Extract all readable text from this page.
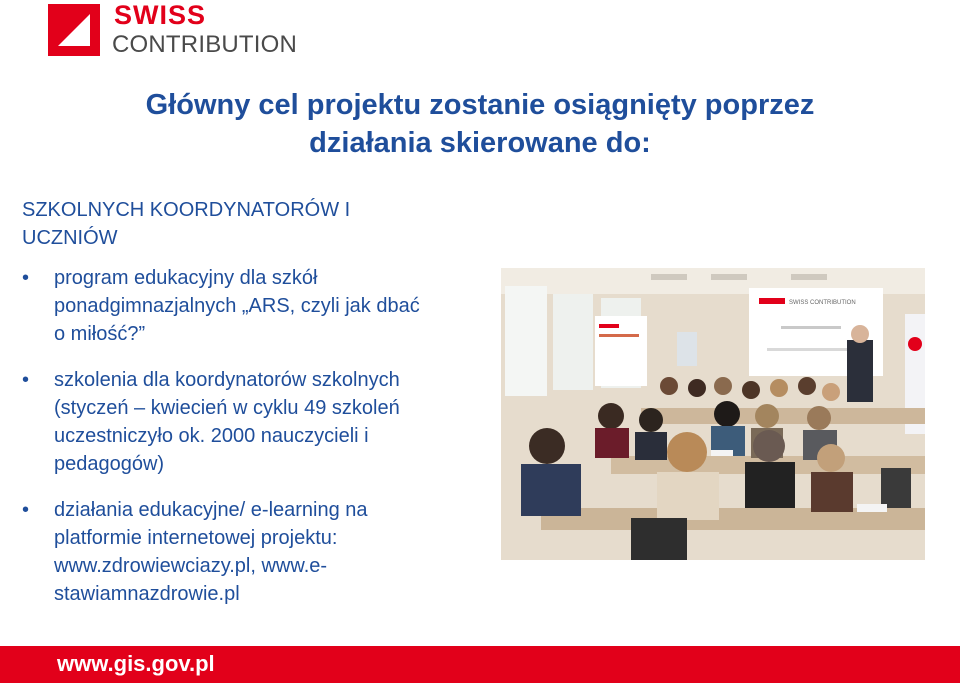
SWISS
CONTRIBUTION
Główny cel projektu zostanie osiągnięty poprzez
działania skierowane do:
SZKOLNYCH KOORDYNATORÓW I
UCZNIÓW
• program edukacyjny dla szkół
ponadgimnazjalnych „ARS, czyli jak dbać
o miłość?”
• szkolenia dla koordynatorów szkolnych
(styczeń – kwiecień w cyklu 49 szkoleń
uczestniczyło ok. 2000 nauczycieli i
pedagogów)
• działania edukacyjne/ e-learning na
platformie internetowej projektu:
www.zdrowiewciazy.pl, www.e-
stawiamnazdrowie.pl
SWISS CONTRIBUTION
www.gis.gov.pl
